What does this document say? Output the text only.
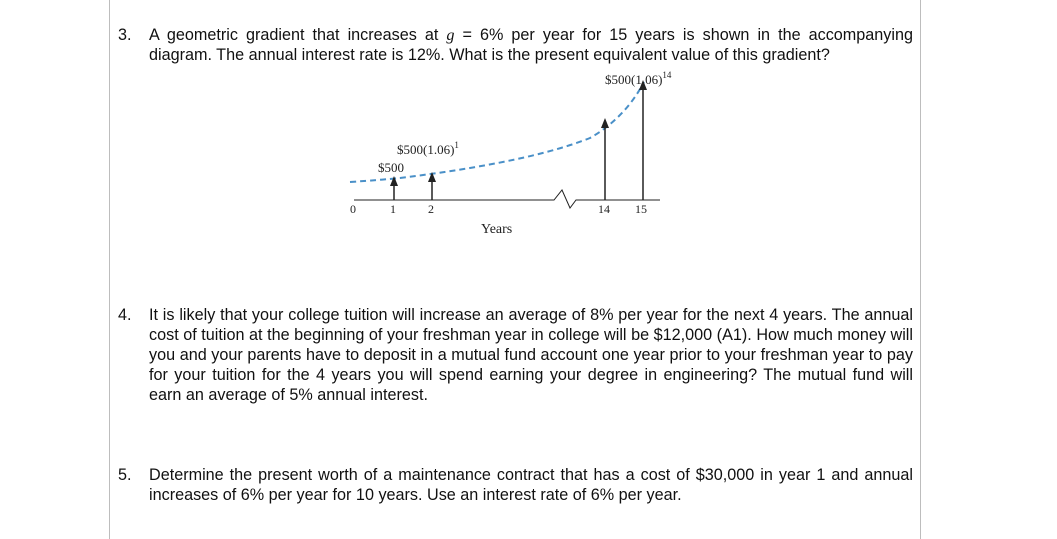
3.	A geometric gradient that increases at g = 6% per year for 15 years is shown in the accompanying diagram. The annual interest rate is 12%. What is the present equivalent value of this gradient?
$\$500(1.06)^{14}$
$\$500(1.06)^1$
$500
0	1	2	14 15
Years
4.	It is likely that your college tuition will increase an average of 8% per year for the next 4 years. The annual cost of tuition at the beginning of your freshman year in college will be $12,000 (A1). How much money will you and your parents have to deposit in a mutual fund account one year prior to your freshman year to pay for your tuition for the 4 years you will spend earning your degree in engineering? The mutual fund will earn an average of 5% annual interest.
5.	Determine the present worth of a maintenance contract that has a cost of $30,000 in year 1 and annual increases of 6% per year for 10 years. Use an interest rate of 6% per year.
